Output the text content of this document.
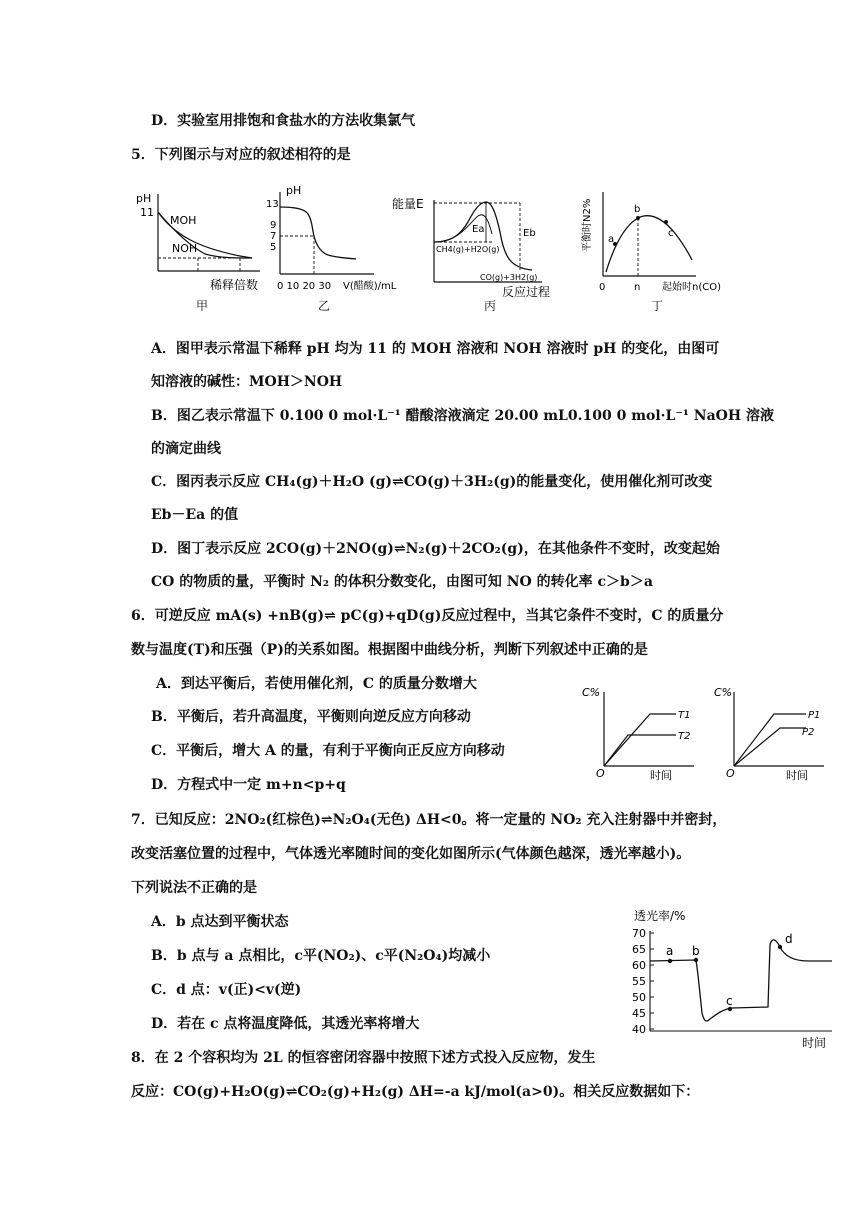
D．实验室用排饱和食盐水的方法收集氯气
5．下列图示与对应的叙述相符的是
pH
11
MOH
NOH
稀释倍数
甲
pH
13
9
7
5
0 10 20 30 V(醋酸)/mL
乙
能量E
Ea	Eb
CH4(g)+H2O(g)
CO(g)+3H2(g)
反应过程
丙
平衡时N2% a
b
c
0	n 起始时n(CO)
丁
A．图甲表示常温下稀释 pH 均为 11 的 MOH 溶液和 NOH 溶液时 pH 的变化，由图可
知溶液的碱性：MOH＞NOH
B．图乙表示常温下 0.100 0 mol·L⁻¹ 醋酸溶液滴定 20.00 mL0.100 0 mol·L⁻¹ NaOH 溶液
的滴定曲线
C．图丙表示反应 CH₄(g)＋H₂O (g)⇌CO(g)＋3H₂(g)的能量变化，使用催化剂可改变
Eb－Ea 的值
D．图丁表示反应 2CO(g)＋2NO(g)⇌N₂(g)＋2CO₂(g)，在其他条件不变时，改变起始
CO 的物质的量，平衡时 N₂ 的体积分数变化，由图可知 NO 的转化率 c＞b＞a
6．可逆反应 mA(s) +nB(g)⇌ pC(g)+qD(g)反应过程中，当其它条件不变时，C 的质量分
数与温度(T)和压强（P)的关系如图。根据图中曲线分析，判断下列叙述中正确的是
A．到达平衡后，若使用催化剂，C 的质量分数增大
B．平衡后，若升高温度，平衡则向逆反应方向移动
C．平衡后，增大 A 的量，有利于平衡向正反应方向移动
D．方程式中一定 m+n<p+q
C%
O	时间
T1
T2
C%
O	时间
P1
P2
7．已知反应：2NO₂(红棕色)⇌N₂O₄(无色) ΔH<0。将一定量的 NO₂ 充入注射器中并密封，
改变活塞位置的过程中，气体透光率随时间的变化如图所示(气体颜色越深，透光率越小)。
下列说法不正确的是
A．b 点达到平衡状态
B．b 点与 a 点相比，c平(NO₂)、c平(N₂O₄)均减小
C．d 点：v(正)<v(逆)
D．若在 c 点将温度降低，其透光率将增大
透光率/%
70
65
60
55
50
45
40
a b
c
d
时间
8．在 2 个容积均为 2L 的恒容密闭容器中按照下述方式投入反应物，发生
反应：CO(g)+H₂O(g)⇌CO₂(g)+H₂(g) ΔH=-a kJ/mol(a>0)。相关反应数据如下：
